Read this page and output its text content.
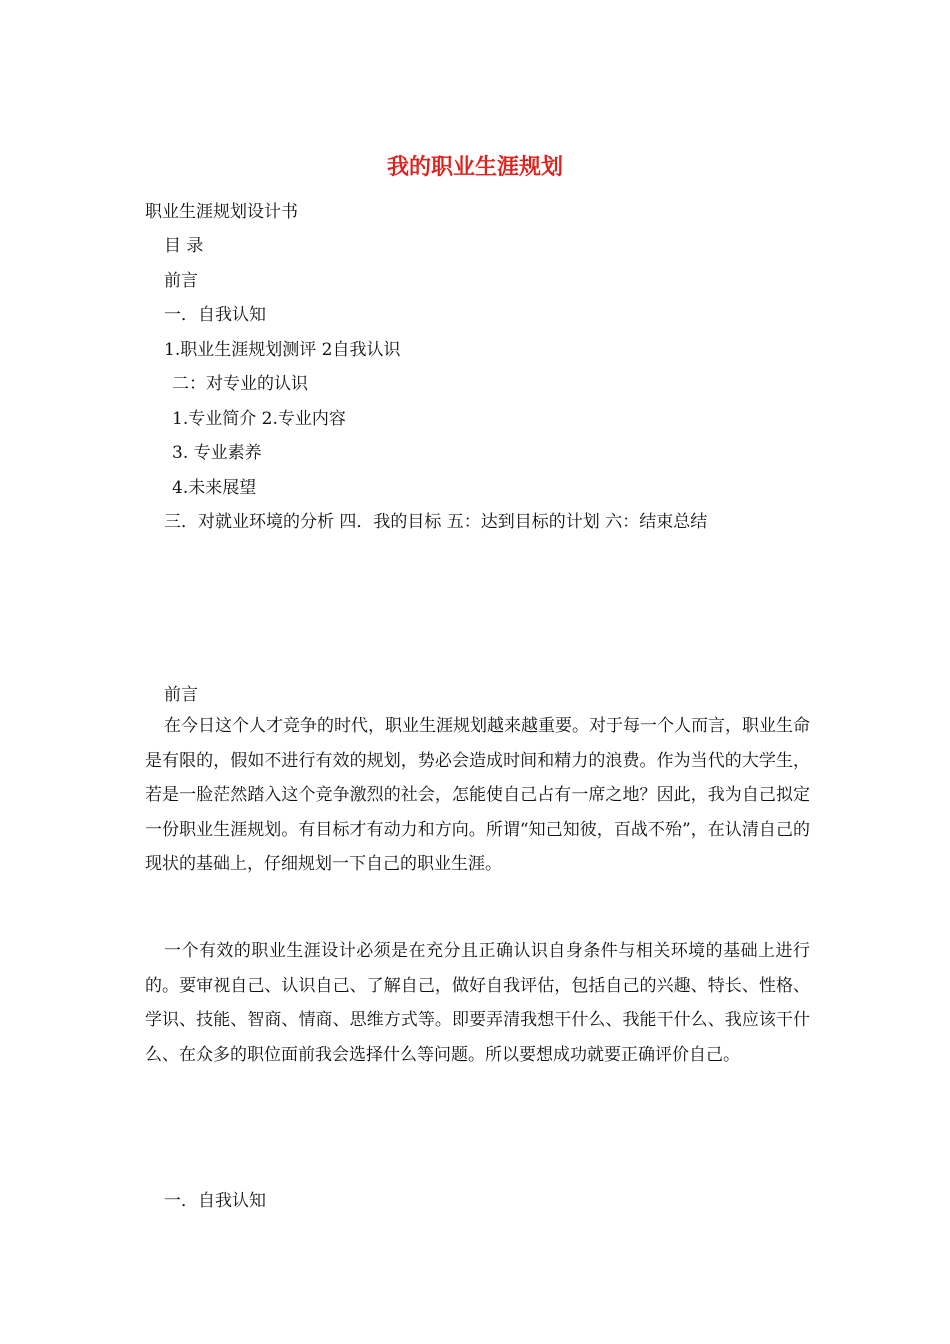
我的职业生涯规划
职业生涯规划设计书
目 录
前言
一．自我认知
1.职业生涯规划测评 2自我认识
二：对专业的认识
1.专业简介 2.专业内容
3. 专业素养
4.未来展望
三．对就业环境的分析 四．我的目标 五：达到目标的计划 六：结束总结
前言
在今日这个人才竞争的时代，职业生涯规划越来越重要。对于每一个人而言，职业生命是有限的，假如不进行有效的规划，势必会造成时间和精力的浪费。作为当代的大学生，若是一脸茫然踏入这个竞争激烈的社会，怎能使自己占有一席之地？因此，我为自己拟定一份职业生涯规划。有目标才有动力和方向。所谓“知己知彼，百战不殆”，在认清自己的现状的基础上，仔细规划一下自己的职业生涯。
一个有效的职业生涯设计必须是在充分且正确认识自身条件与相关环境的基础上进行的。要审视自己、认识自己、了解自己，做好自我评估，包括自己的兴趣、特长、性格、学识、技能、智商、情商、思维方式等。即要弄清我想干什么、我能干什么、我应该干什么、在众多的职位面前我会选择什么等问题。所以要想成功就要正确评价自己。
一．自我认知
